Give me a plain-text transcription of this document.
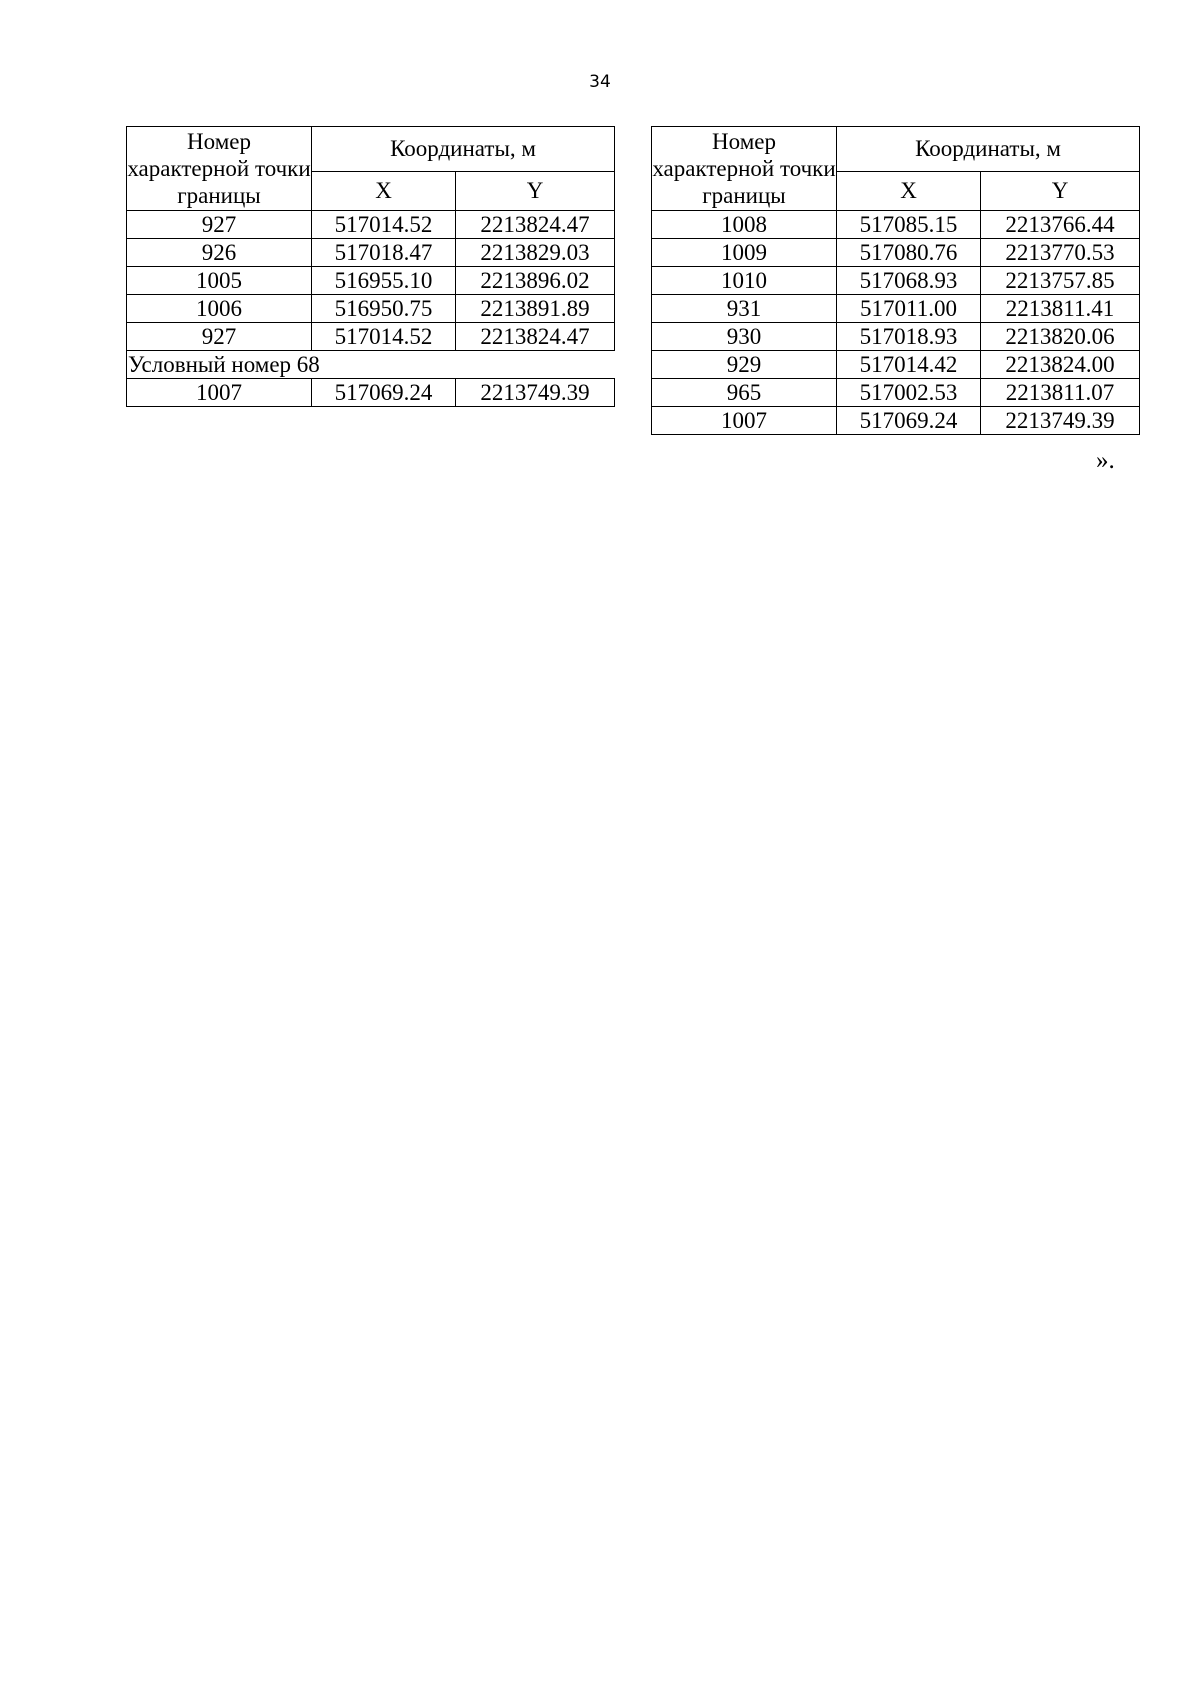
34
Номер характерной точки границы	Координаты, м	
	X	Y
927	517014.52	2213824.47
926	517018.47	2213829.03
1005	516955.10	2213896.02
1006	516950.75	2213891.89
927	517014.52	2213824.47
Условный номер 68		
1007	517069.24	2213749.39
Номер характерной точки границы	Координаты, м	
	X	Y
1008	517085.15	2213766.44
1009	517080.76	2213770.53
1010	517068.93	2213757.85
931	517011.00	2213811.41
930	517018.93	2213820.06
929	517014.42	2213824.00
965	517002.53	2213811.07
1007	517069.24	2213749.39
».
